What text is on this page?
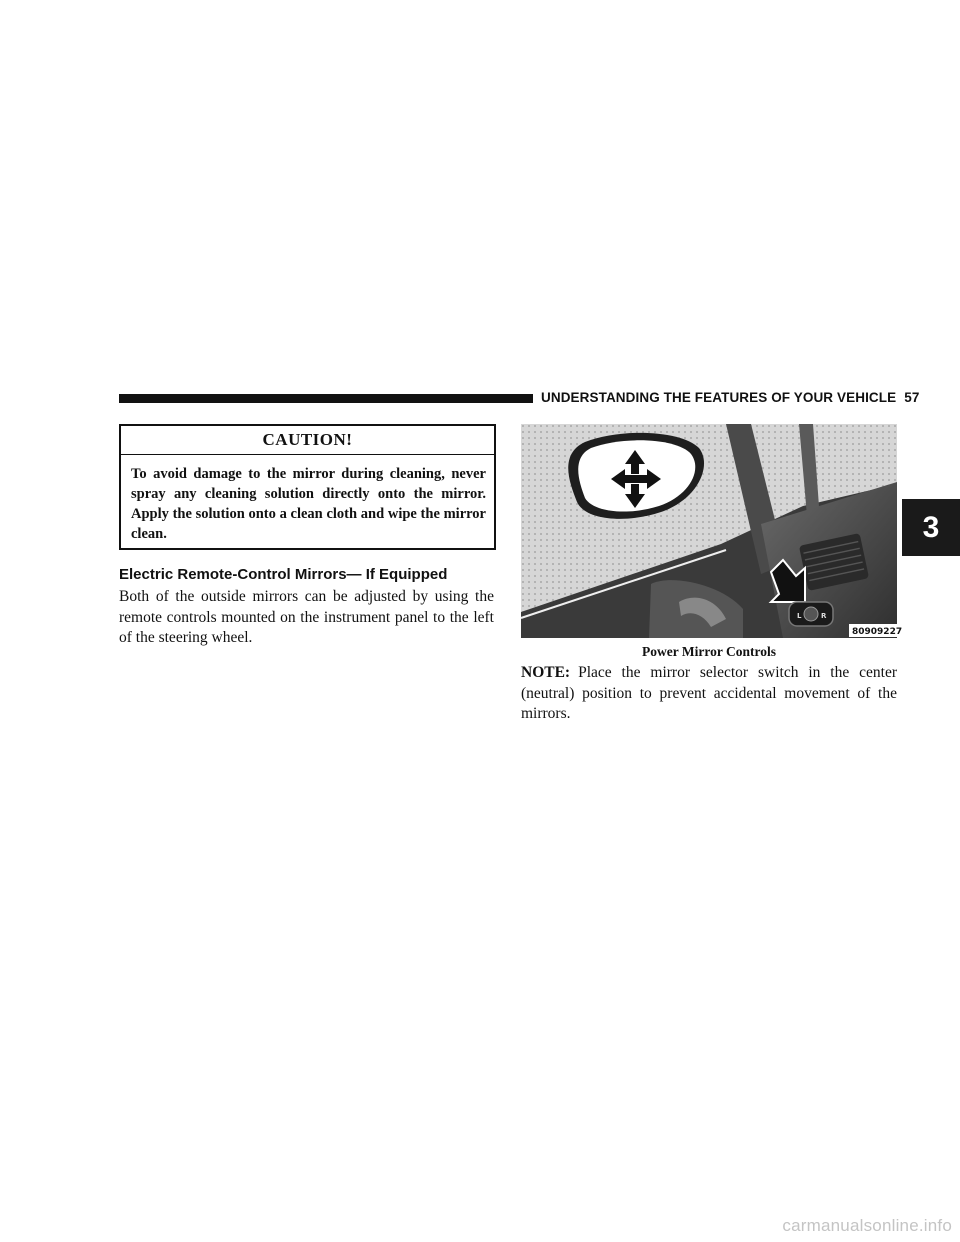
UNDERSTANDING THE FEATURES OF YOUR VEHICLE 57
CAUTION!
To avoid damage to the mirror during cleaning, never spray any cleaning solution directly onto the mirror. Apply the solution onto a clean cloth and wipe the mirror clean.
Electric Remote-Control Mirrors— If Equipped
Both of the outside mirrors can be adjusted by using the remote controls mounted on the instrument panel to the left of the steering wheel.
L	R
80909227
Power Mirror Controls
NOTE: Place the mirror selector switch in the center (neutral) position to prevent accidental movement of the mirrors.
3
carmanualsonline.info
